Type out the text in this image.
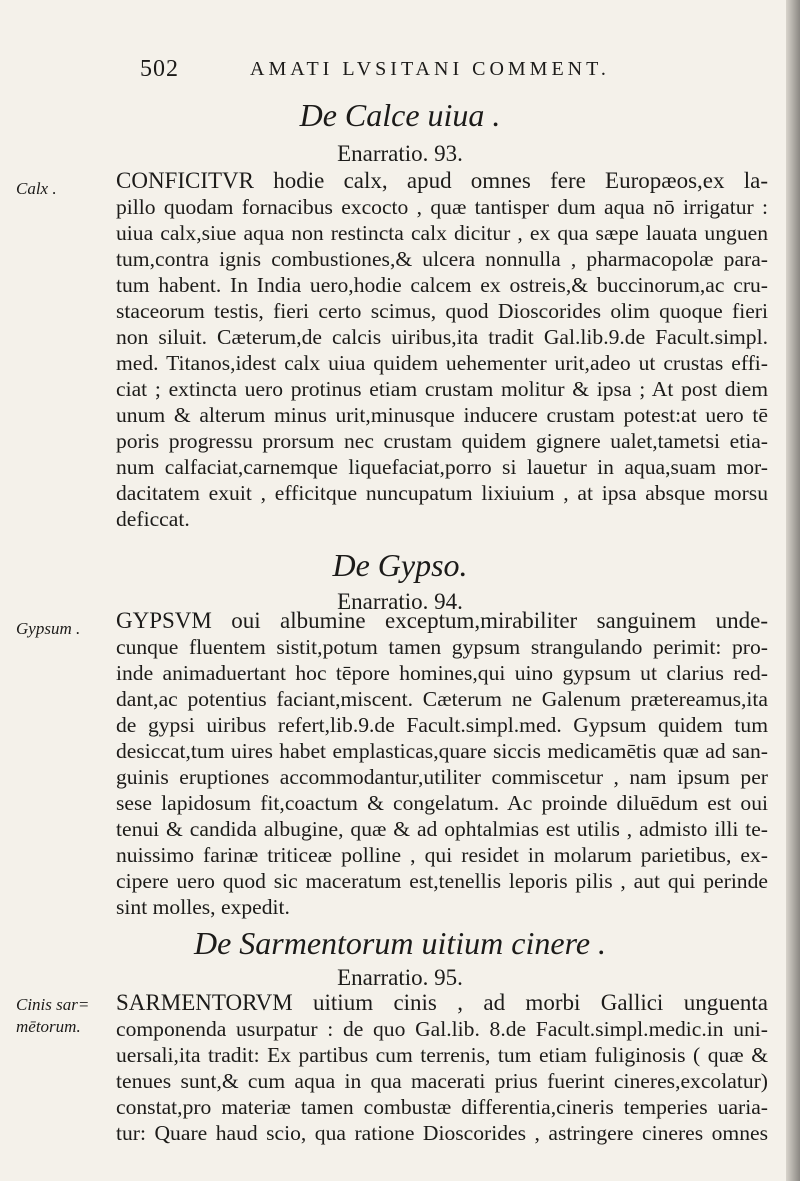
502	AMATI LVSITANI COMMENT.
De Calce uiua .
Enarratio. 93.
Calx .	CONFICITVR hodie calx, apud omnes fere Europæos,ex la-
pillo quodam fornacibus excocto , quæ tantisper dum aqua nō irrigatur :
uiua calx,siue aqua non restincta calx dicitur , ex qua sæpe lauata unguen
tum,contra ignis combustiones,& ulcera nonnulla , pharmacopolæ para-
tum habent. In India uero,hodie calcem ex ostreis,& buccinorum,ac cru-
staceorum testis, fieri certo scimus, quod Dioscorides olim quoque fieri
non siluit. Cæterum,de calcis uiribus,ita tradit Gal.lib.9.de Facult.simpl.
med. Titanos,idest calx uiua quidem uehementer urit,adeo ut crustas effi-
ciat ; extincta uero protinus etiam crustam molitur & ipsa ; At post diem
unum & alterum minus urit,minusque inducere crustam potest:at uero tē
poris progressu prorsum nec crustam quidem gignere ualet,tametsi etia-
num calfaciat,carnemque liquefaciat,porro si lauetur in aqua,suam mor-
dacitatem exuit , efficitque nuncupatum lixiuium , at ipsa absque morsu
deficcat.
De Gypso.
Enarratio. 94.
Gypsum . GYPSVM oui albumine exceptum,mirabiliter sanguinem unde-
cunque fluentem sistit,potum tamen gypsum strangulando perimit: pro-
inde animaduertant hoc tēpore homines,qui uino gypsum ut clarius red-
dant,ac potentius faciant,miscent. Cæterum ne Galenum prætereamus,ita
de gypsi uiribus refert,lib.9.de Facult.simpl.med. Gypsum quidem tum
desiccat,tum uires habet emplasticas,quare siccis medicamētis quæ ad san-
guinis eruptiones accommodantur,utiliter commiscetur , nam ipsum per
sese lapidosum fit,coactum & congelatum. Ac proinde diluēdum est oui
tenui & candida albugine, quæ & ad ophtalmias est utilis , admisto illi te-
nuissimo farinæ triticeæ polline , qui residet in molarum parietibus, ex-
cipere uero quod sic maceratum est,tenellis leporis pilis , aut qui perinde
sint molles, expedit.
De Sarmentorum uitium cinere .
Enarratio. 95.
Cinis sar= mētorum.
SARMENTORVM uitium cinis , ad morbi Gallici unguenta
componenda usurpatur : de quo Gal.lib. 8.de Facult.simpl.medic.in uni-
uersali,ita tradit: Ex partibus cum terrenis, tum etiam fuliginosis ( quæ &
tenues sunt,& cum aqua in qua macerati prius fuerint cineres,excolatur)
constat,pro materiæ tamen combustæ differentia,cineris temperies uaria-
tur: Quare haud scio, qua ratione Dioscorides , astringere cineres omnes
